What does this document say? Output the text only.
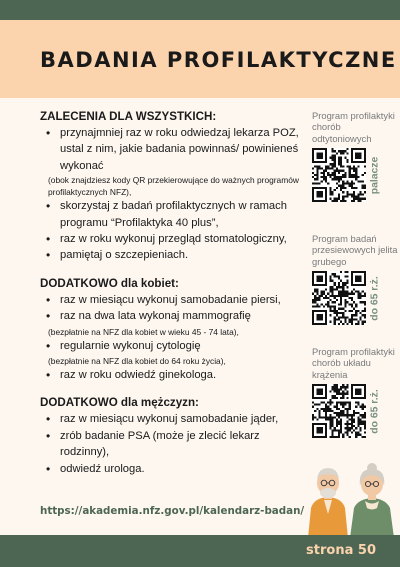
BADANIA PROFILAKTYCZNE
ZALECENIA DLA WSZYSTKICH:
• przynajmniej raz w roku odwiedzaj lekarza POZ, ustal z nim, jakie badania powinnaś/ powinieneś wykonać
(obok znajdziesz kody QR przekierowujące do ważnych programów profilaktycznych NFZ),
• skorzystaj z badań profilaktycznych w ramach programu “Profilaktyka 40 plus”,
• raz w roku wykonuj przegląd stomatologiczny,
• pamiętaj o szczepieniach.
DODATKOWO dla kobiet:
• raz w miesiącu wykonuj samobadanie piersi,
• raz na dwa lata wykonaj mammografię
(bezpłatnie na NFZ dla kobiet w wieku 45 - 74 lata),
• regularnie wykonuj cytologię
(bezpłatnie na NFZ dla kobiet do 64 roku życia),
• raz w roku odwiedź ginekologa.
DODATKOWO dla mężczyzn:
• raz w miesiącu wykonuj samobadanie jąder,
• zrób badanie PSA (może je zlecić lekarz rodzinny),
• odwiedź urologa.
Program profilaktyki chorób odtytoniowych
palacze
Program badań przesiewowych jelita grubego
do 65 r.ż.
Program profilaktyki chorób układu krążenia
do 65 r.ż.
https://akademia.nfz.gov.pl/kalendarz-badan/
strona 50
